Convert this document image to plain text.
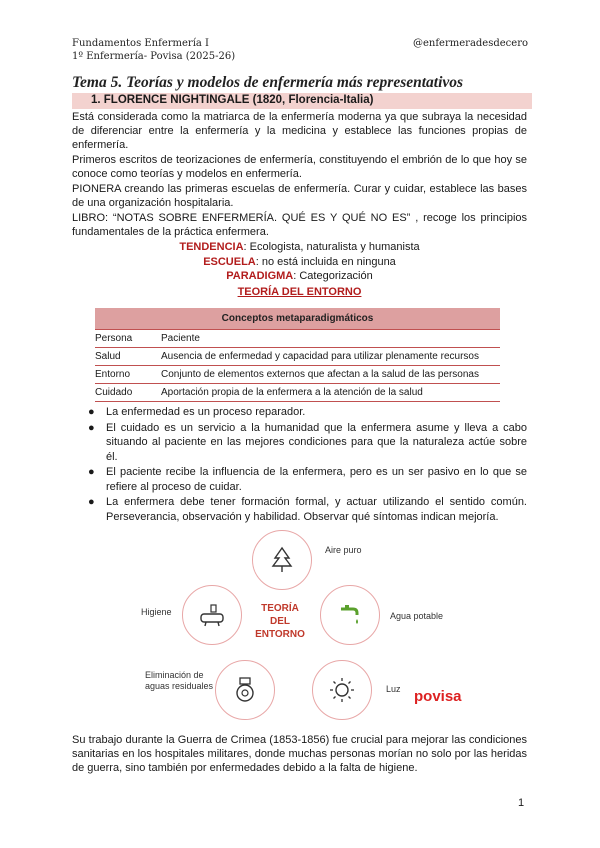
Fundamentos Enfermería I
1º Enfermería- Povisa (2025-26)
@enfermeradesdecero
Tema 5. Teorías y modelos de enfermería más representativos
1. FLORENCE NIGHTINGALE (1820, Florencia-Italia)

Está considerada como la matriarca de la enfermería moderna ya que subraya la necesidad de diferenciar entre la enfermería y la medicina y establece las funciones propias de enfermería.

Primeros escritos de teorizaciones de enfermería, constituyendo el embrión de lo que hoy se conoce como teorías y modelos en enfermería.

PIONERA creando las primeras escuelas de enfermería. Curar y cuidar, establece las bases de una organización hospitalaria.

LIBRO: “NOTAS SOBRE ENFERMERÍA. QUÉ ES Y QUÉ NO ES” , recoge los principios fundamentales de la práctica enfermera.

TENDENCIA: Ecologista, naturalista y humanista
ESCUELA: no está incluida en ninguna
PARADIGMA: Categorización
TEORÍA DEL ENTORNO
Conceptos metaparadigmáticos	
Persona	Paciente
Salud	Ausencia de enfermedad y capacidad para utilizar plenamente recursos
Entorno	Conjunto de elementos externos que afectan a la salud de las personas
Cuidado	Aportación propia de la enfermera a la atención de la salud
● La enfermedad es un proceso reparador.
● El cuidado es un servicio a la humanidad que la enfermera asume y lleva a cabo situando al paciente en las mejores condiciones para que la naturaleza actúe sobre él.
● El paciente recibe la influencia de la enfermera, pero es un ser pasivo en lo que se refiere al proceso de cuidar.
● La enfermera debe tener formación formal, y actuar utilizando el sentido común. Perseverancia, observación y habilidad. Observar qué síntomas indican mejoría.
Aire puro
Higiene	TEORÍA
DEL
ENTORNO
Agua potable
Eliminación de aguas residuales	Luz povisa

Su trabajo durante la Guerra de Crimea (1853-1856) fue crucial para mejorar las condiciones sanitarias en los hospitales militares, donde muchas personas morían no solo por las heridas de guerra, sino también por enfermedades debido a la falta de higiene.

1
